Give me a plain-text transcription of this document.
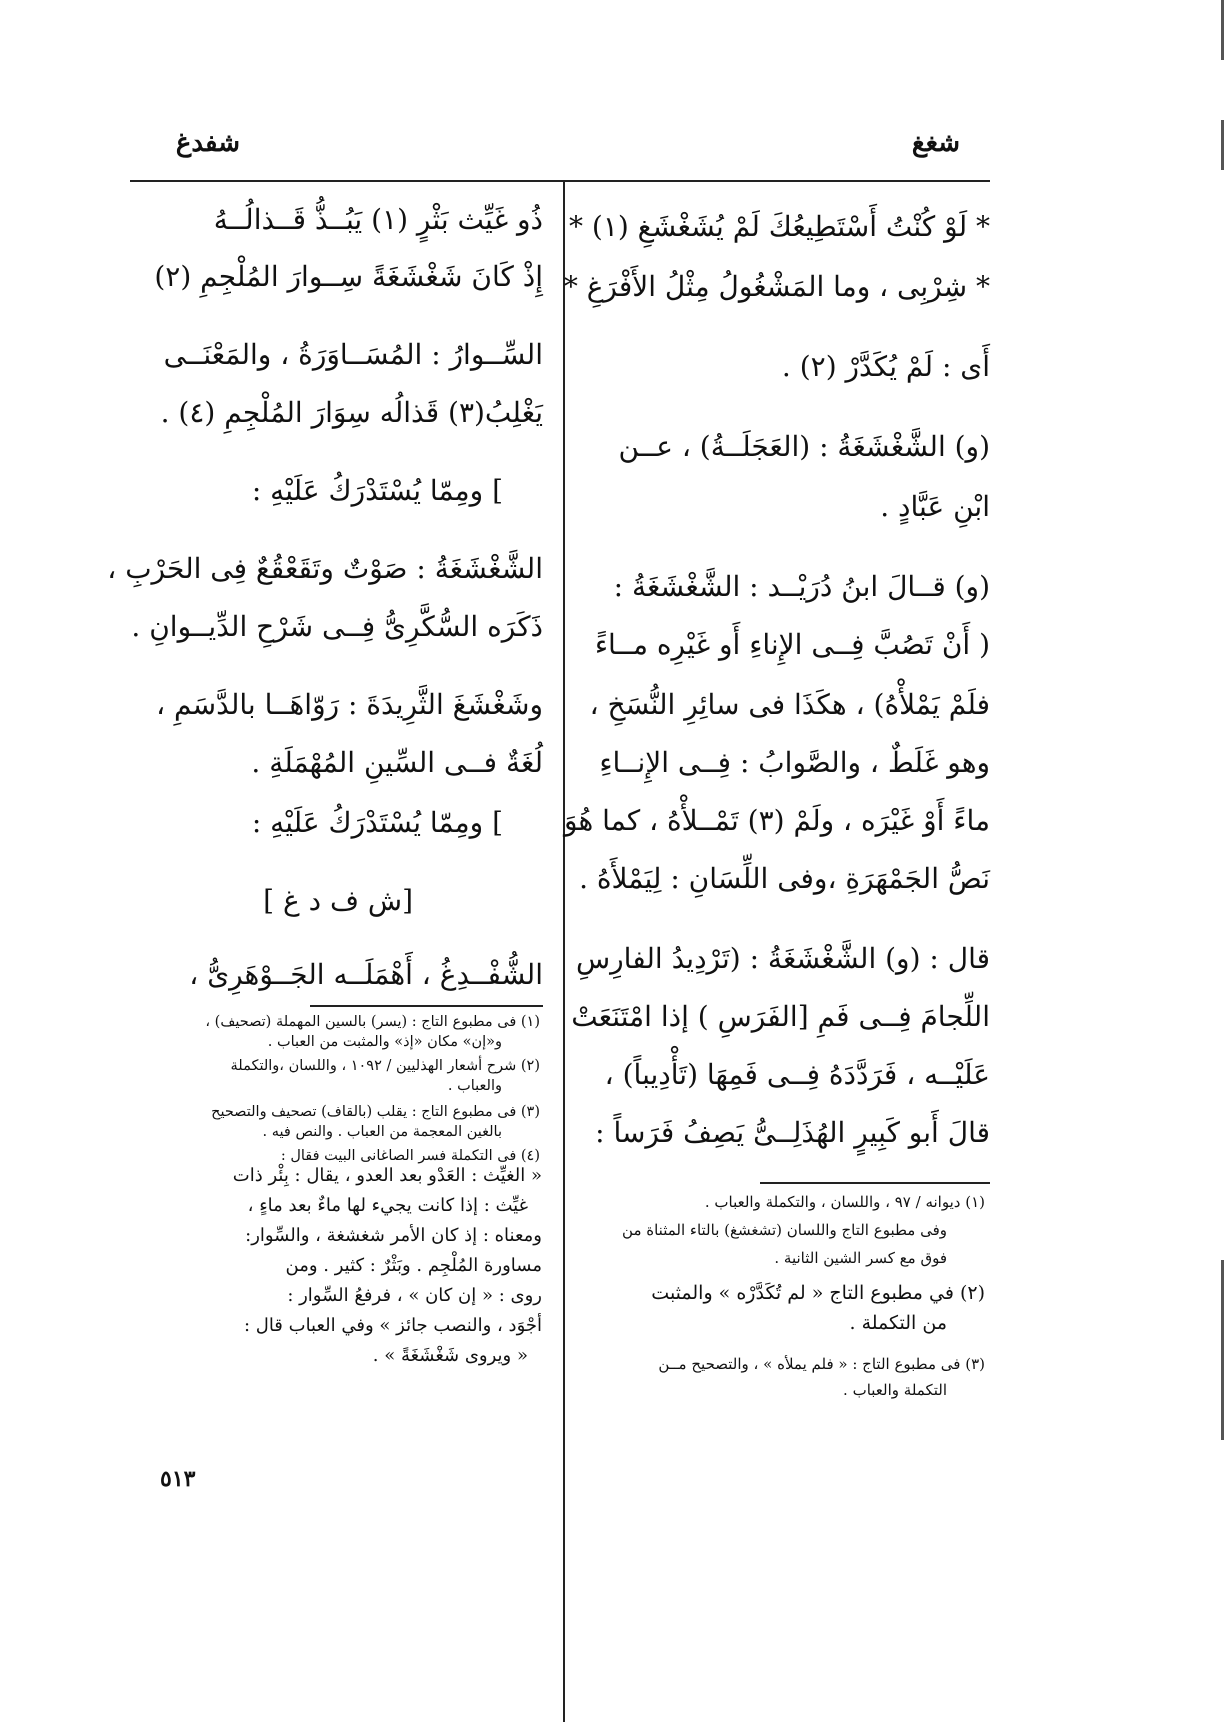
شغغ
شفدغ
* لَوْ كُنْتُ أَسْتَطِيعُكَ لَمْ يُشَغْشَغِ (١) *
* شِرْبِى ، وما المَشْغُولُ مِثْلُ الأَفْرَغِ *
أَى : لَمْ يُكَدَّرْ (٢) .
(و) الشَّغْشَغَةُ : (العَجَلَــةُ) ، عــن
ابْنِ عَبَّادٍ .
(و) قــالَ ابنُ دُرَيْــد : الشَّغْشَغَةُ :
( أَنْ تَصُبَّ فِــى الإِناءِ أَو غَيْرِه مــاءً
فلَمْ يَمْلأْهُ) ، هكَذَا فى سائِرِ النُّسَخِ ،
وهو غَلَطٌ ، والصَّوابُ : فِــى الإِنــاءِ
ماءً أَوْ غَيْرَه ، ولَمْ (٣) تَمْــلأْهُ ، كما هُوَ
نَصُّ الجَمْهَرَةِ ،وفى اللِّسَانِ : لِيَمْلأَهُ .
قال : (و) الشَّغْشَغَةُ : (تَرْدِيدُ الفارِسِ
اللِّجامَ فِــى فَمِ [الفَرَسِ ) إذا امْتَنَعَتْ
عَلَيْــه ، فَرَدَّدَهُ فِــى فَمِهَا (تَأْدِيباً) ،
قالَ أَبو كَبِيرٍ الهُذَلِــىُّ يَصِفُ فَرَساً :
(١) ديوانه / ٩٧ ، واللسان ، والتكملة والعباب .
وفى مطبوع التاج واللسان (تشغشغ) بالتاء المثناة من
فوق مع كسر الشين الثانية .
(٢) في مطبوع التاج « لم تُكَدَّرْه » والمثبت
من التكملة .
(٣) فى مطبوع التاج : « فلم يملأه » ، والتصحيح مــن
التكملة والعباب .
ذُو غَيِّث بَثْرٍ (١) يَبُــذُّ قَــذالُــهُ
إِذْ كَانَ شَغْشَغَةً سِــوارَ المُلْجِمِ (٢)
السِّــوارُ : المُسَــاوَرَةُ ، والمَعْنَــى
يَغْلِبُ(٣) قَذالُه سِوَارَ المُلْجِمِ (٤) .
] ومِمّا يُسْتَدْرَكُ عَلَيْهِ :
الشَّغْشَغَةُ : صَوْتٌ وتَقَعْقُعٌ فِى الحَرْبِ ،
ذَكَرَه السُّكَّرِىُّ فِــى شَرْحِ الدِّيــوانِ .
وشَغْشَغَ الثَّرِيدَةَ : رَوّاهَــا بالدَّسَمِ ،
لُغَةٌ فــى السِّينِ المُهْمَلَةِ .
] ومِمّا يُسْتَدْرَكُ عَلَيْهِ :
[ش ف د غ ]
الشُّفْــدِغُ ، أَهْمَلَــه الجَــوْهَرِىُّ ،
(١) فى مطبوع التاج : (يسر) بالسين المهملة (تصحيف) ،
و«إن» مكان «إذ» والمثبت من العباب .
(٢) شرح أشعار الهذليين / ١٠٩٢ ، واللسان ،والتكملة
والعباب .
(٣) فى مطبوع التاج : يقلب (بالقاف) تصحيف والتصحيح
بالغين المعجمة من العباب . والنص فيه .
(٤) فى التكملة فسر الصاغانى البيت فقال :
« الغيِّث : العَدْو بعد العدو ، يقال : بِئْر ذات
غيِّث : إذا كانت يجيء لها ماءٌ بعد ماءٍ ،
ومعناه : إذ كان الأمر شغشغة ، والسِّوار:
مساورة المُلْجِم . وبَثْرٌ : كثير . ومن
روى : « إن كان » ، فرفعُ السِّوار :
أجْوَد ، والنصب جائز » وفي العباب قال :
« ويروى شَغْشَغَةً » .
٥١٣
